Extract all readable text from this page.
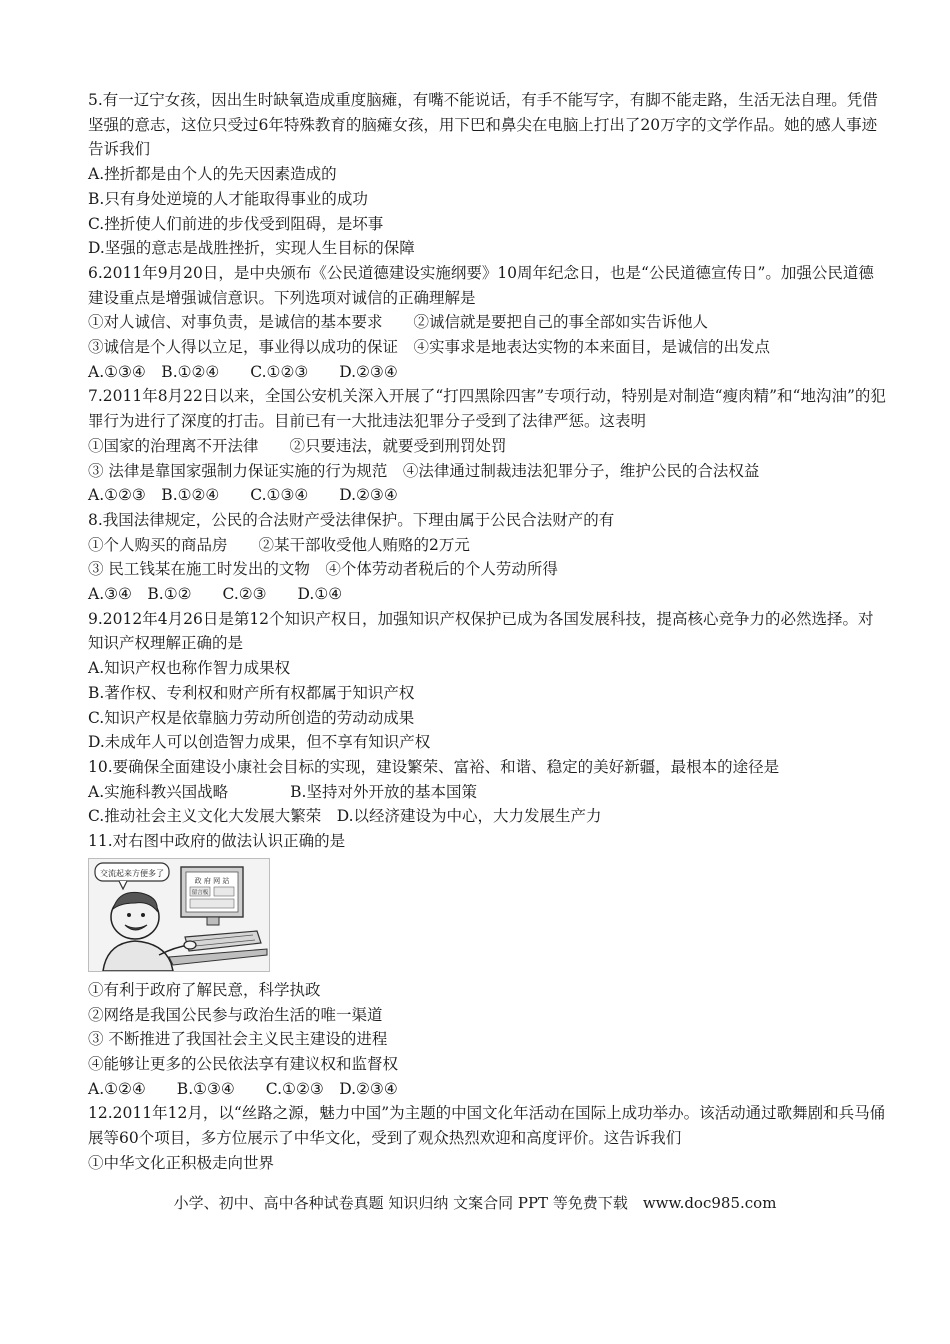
5.有一辽宁女孩，因出生时缺氧造成重度脑瘫，有嘴不能说话，有手不能写字，有脚不能走路，生活无法自理。凭借坚强的意志，这位只受过6年特殊教育的脑瘫女孩，用下巴和鼻尖在电脑上打出了20万字的文学作品。她的感人事迹告诉我们
A.挫折都是由个人的先天因素造成的
B.只有身处逆境的人才能取得事业的成功
C.挫折使人们前进的步伐受到阻碍，是坏事
D.坚强的意志是战胜挫折，实现人生目标的保障
6.2011年9月20日，是中央颁布《公民道德建设实施纲要》10周年纪念日，也是“公民道德宣传日”。加强公民道德建设重点是增强诚信意识。下列选项对诚信的正确理解是
①对人诚信、对事负责，是诚信的基本要求　　②诚信就是要把自己的事全部如实告诉他人
③诚信是个人得以立足，事业得以成功的保证　④实事求是地表达实物的本来面目，是诚信的出发点
A.①③④　B.①②④　　C.①②③　　D.②③④
7.2011年8月22日以来，全国公安机关深入开展了“打四黑除四害”专项行动，特别是对制造“瘦肉精”和“地沟油”的犯罪行为进行了深度的打击。目前已有一大批违法犯罪分子受到了法律严惩。这表明
①国家的治理离不开法律　　②只要违法，就要受到刑罚处罚
③ 法律是靠国家强制力保证实施的行为规范　④法律通过制裁违法犯罪分子，维护公民的合法权益
A.①②③　B.①②④　　C.①③④　　D.②③④
8.我国法律规定，公民的合法财产受法律保护。下理由属于公民合法财产的有
①个人购买的商品房　　②某干部收受他人贿赂的2万元
③ 民工钱某在施工时发出的文物　④个体劳动者税后的个人劳动所得
A.③④　B.①②　　C.②③　　D.①④
9.2012年4月26日是第12个知识产权日，加强知识产权保护已成为各国发展科技，提高核心竞争力的必然选择。对知识产权理解正确的是
A.知识产权也称作智力成果权
B.著作权、专利权和财产所有权都属于知识产权
C.知识产权是依靠脑力劳动所创造的劳动动成果
D.未成年人可以创造智力成果，但不享有知识产权
10.要确保全面建设小康社会目标的实现，建设繁荣、富裕、和谐、稳定的美好新疆，最根本的途径是
A.实施科教兴国战略　　　　B.坚持对外开放的基本国策
C.推动社会主义文化大发展大繁荣　D.以经济建设为中心，大力发展生产力
11.对右图中政府的做法认识正确的是
交流起来方便多了
政 府 网 站
留言板
①有利于政府了解民意，科学执政
②网络是我国公民参与政治生活的唯一渠道
③ 不断推进了我国社会主义民主建设的进程
④能够让更多的公民依法享有建议权和监督权
A.①②④　　B.①③④　　C.①②③　D.②③④
12.2011年12月，以“丝路之源，魅力中国”为主题的中国文化年活动在国际上成功举办。该活动通过歌舞剧和兵马俑展等60个项目，多方位展示了中华文化，受到了观众热烈欢迎和高度评价。这告诉我们
①中华文化正积极走向世界
小学、初中、高中各种试卷真题 知识归纳 文案合同 PPT 等免费下载　www.doc985.com
